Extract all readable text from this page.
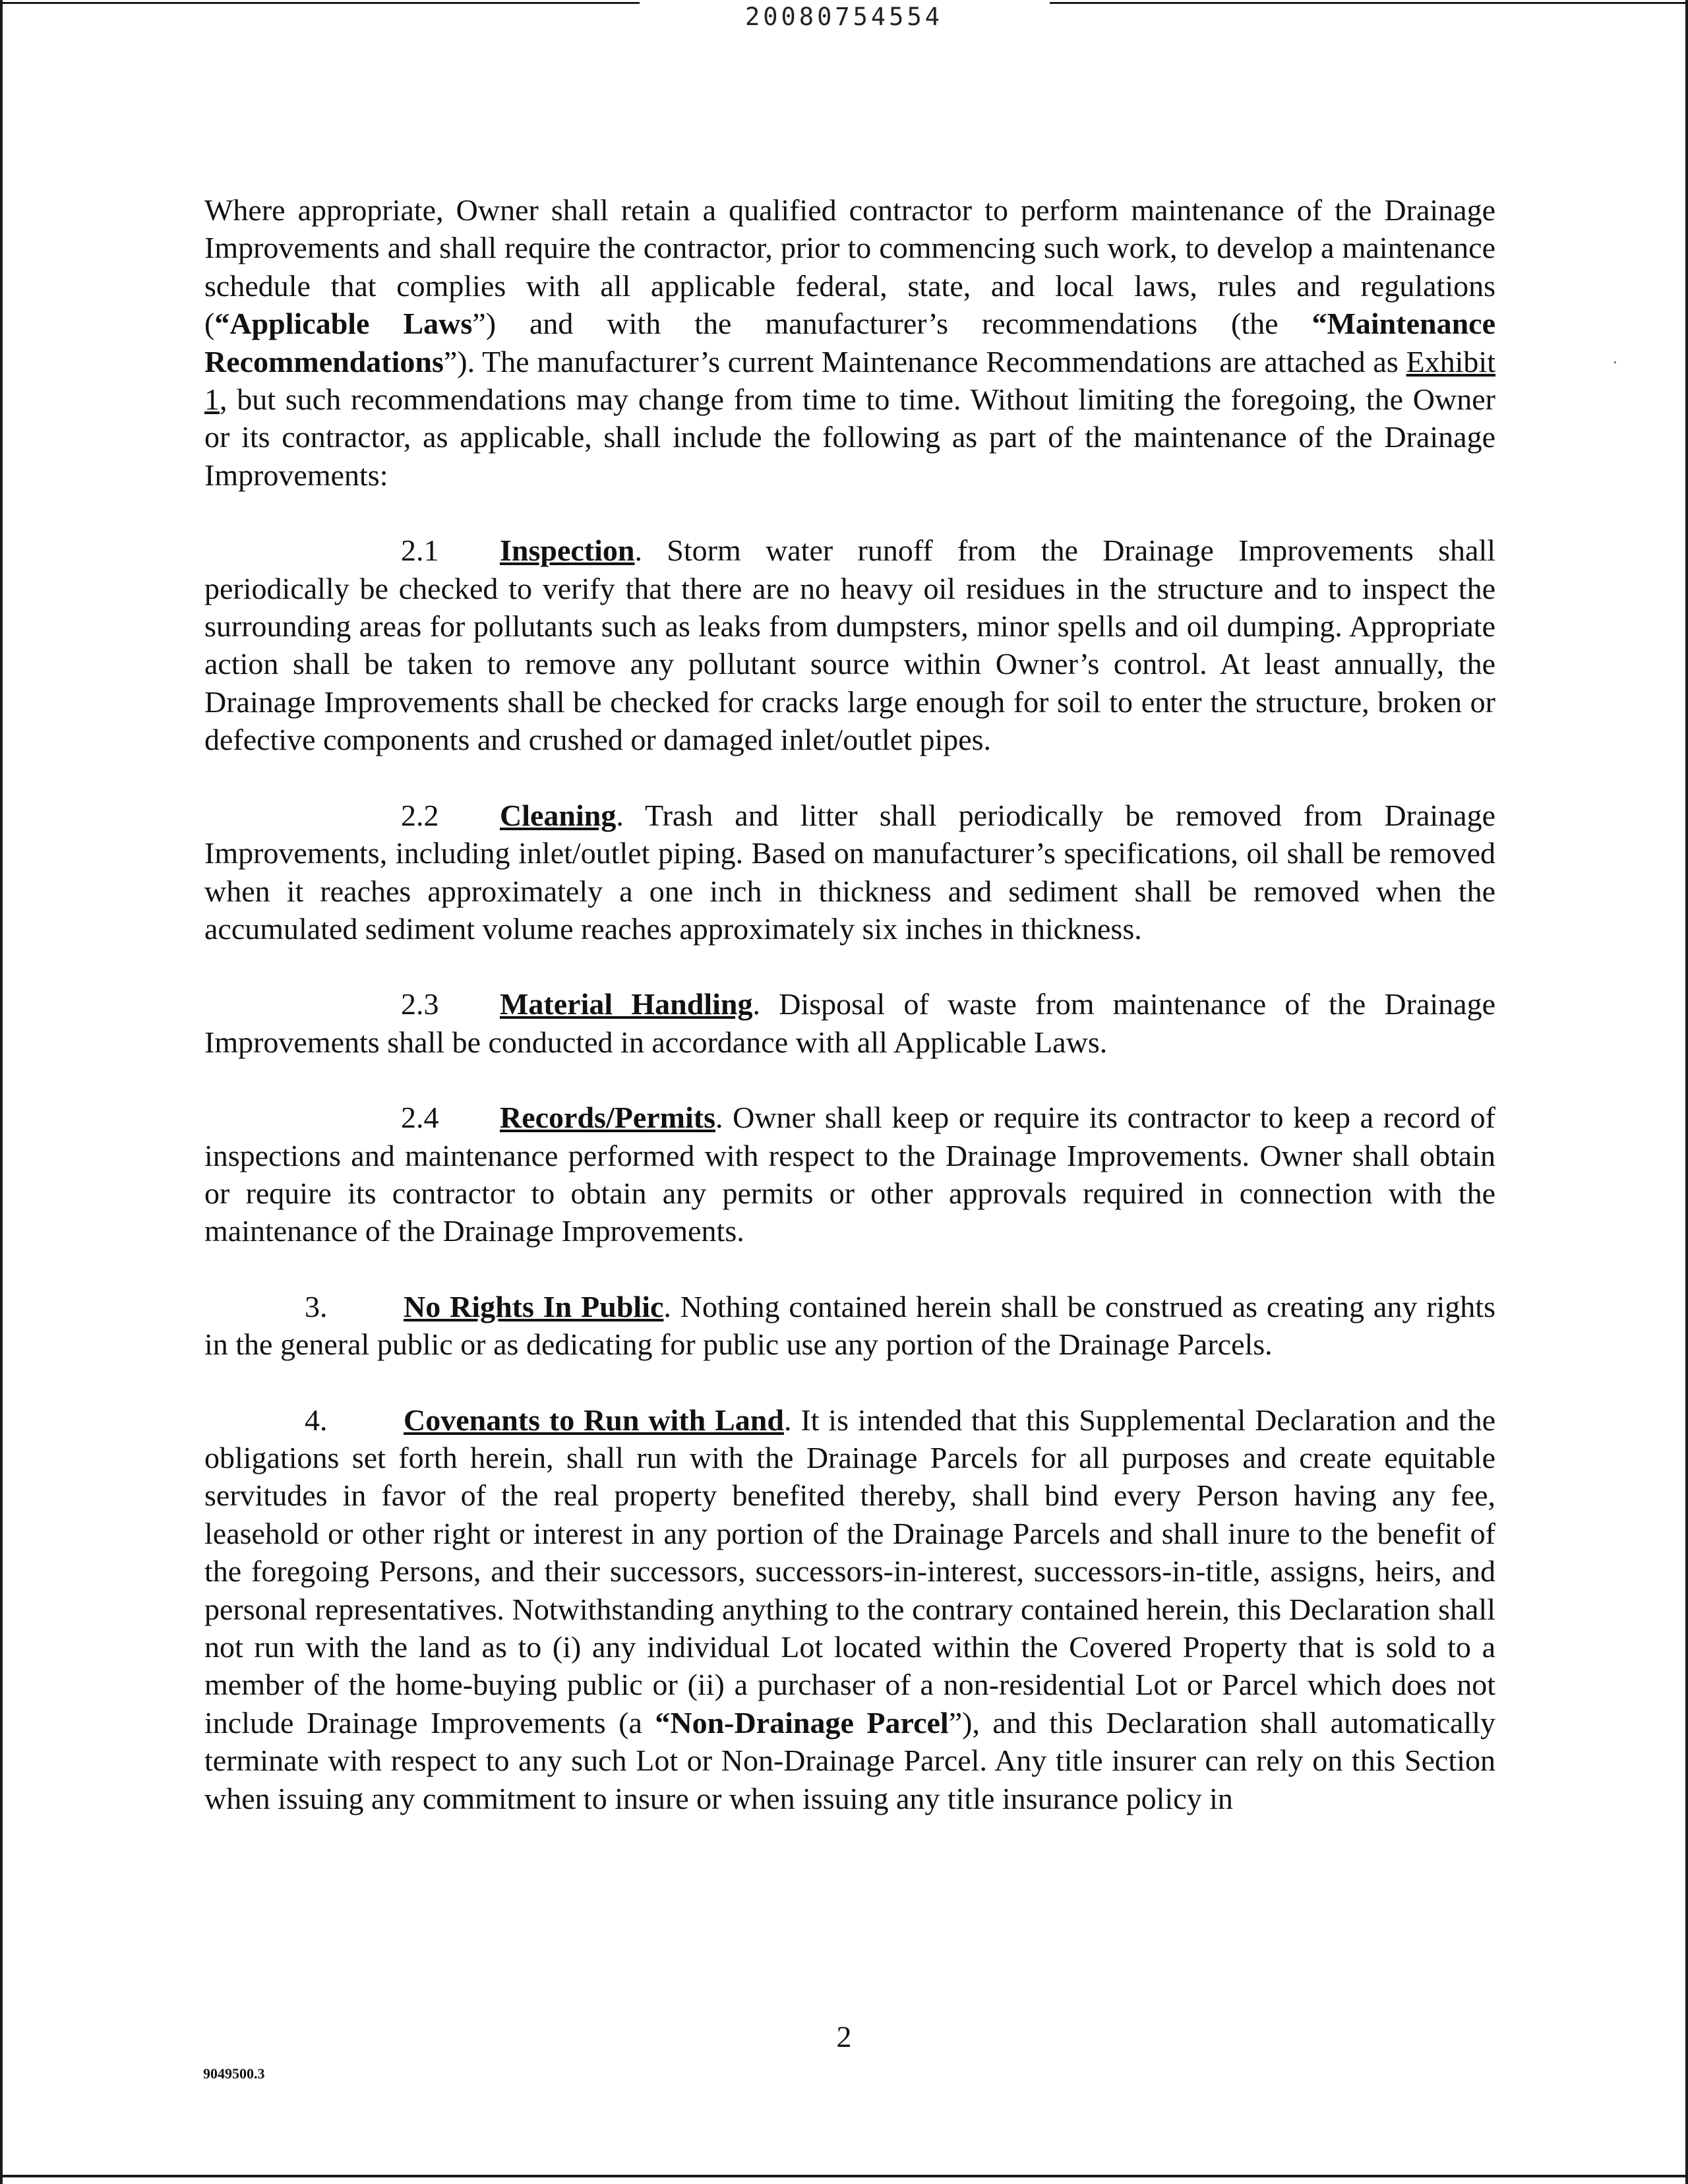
20080754554

Where appropriate, Owner shall retain a qualified contractor to perform maintenance of the Drainage Improvements and shall require the contractor, prior to commencing such work, to develop a maintenance schedule that complies with all applicable federal, state, and local laws, rules and regulations (“Applicable Laws”) and with the manufacturer’s recommendations (the “Maintenance Recommendations”). The manufacturer’s current Maintenance Recommendations are attached as Exhibit 1, but such recommendations may change from time to time. Without limiting the foregoing, the Owner or its contractor, as applicable, shall include the following as part of the maintenance of the Drainage Improvements:

2.1 Inspection. Storm water runoff from the Drainage Improvements shall periodically be checked to verify that there are no heavy oil residues in the structure and to inspect the surrounding areas for pollutants such as leaks from dumpsters, minor spells and oil dumping. Appropriate action shall be taken to remove any pollutant source within Owner’s control. At least annually, the Drainage Improvements shall be checked for cracks large enough for soil to enter the structure, broken or defective components and crushed or damaged inlet/outlet pipes.

2.2 Cleaning. Trash and litter shall periodically be removed from Drainage Improvements, including inlet/outlet piping. Based on manufacturer’s specifications, oil shall be removed when it reaches approximately a one inch in thickness and sediment shall be removed when the accumulated sediment volume reaches approximately six inches in thickness.

2.3 Material Handling. Disposal of waste from maintenance of the Drainage Improvements shall be conducted in accordance with all Applicable Laws.

2.4 Records/Permits. Owner shall keep or require its contractor to keep a record of inspections and maintenance performed with respect to the Drainage Improvements. Owner shall obtain or require its contractor to obtain any permits or other approvals required in connection with the maintenance of the Drainage Improvements.

3.	No Rights In Public. Nothing contained herein shall be construed as creating any rights in the general public or as dedicating for public use any portion of the Drainage Parcels.

4.	Covenants to Run with Land. It is intended that this Supplemental Declaration and the obligations set forth herein, shall run with the Drainage Parcels for all purposes and create equitable servitudes in favor of the real property benefited thereby, shall bind every Person having any fee, leasehold or other right or interest in any portion of the Drainage Parcels and shall inure to the benefit of the foregoing Persons, and their successors, successors-in-interest, successors-in-title, assigns, heirs, and personal representatives. Notwithstanding anything to the contrary contained herein, this Declaration shall not run with the land as to (i) any individual Lot located within the Covered Property that is sold to a member of the home-buying public or (ii) a purchaser of a non-residential Lot or Parcel which does not include Drainage Improvements (a “Non-Drainage Parcel”), and this Declaration shall automatically terminate with respect to any such Lot or Non-Drainage Parcel. Any title insurer can rely on this Section when issuing any commitment to insure or when issuing any title insurance policy in

2
9049500.3
